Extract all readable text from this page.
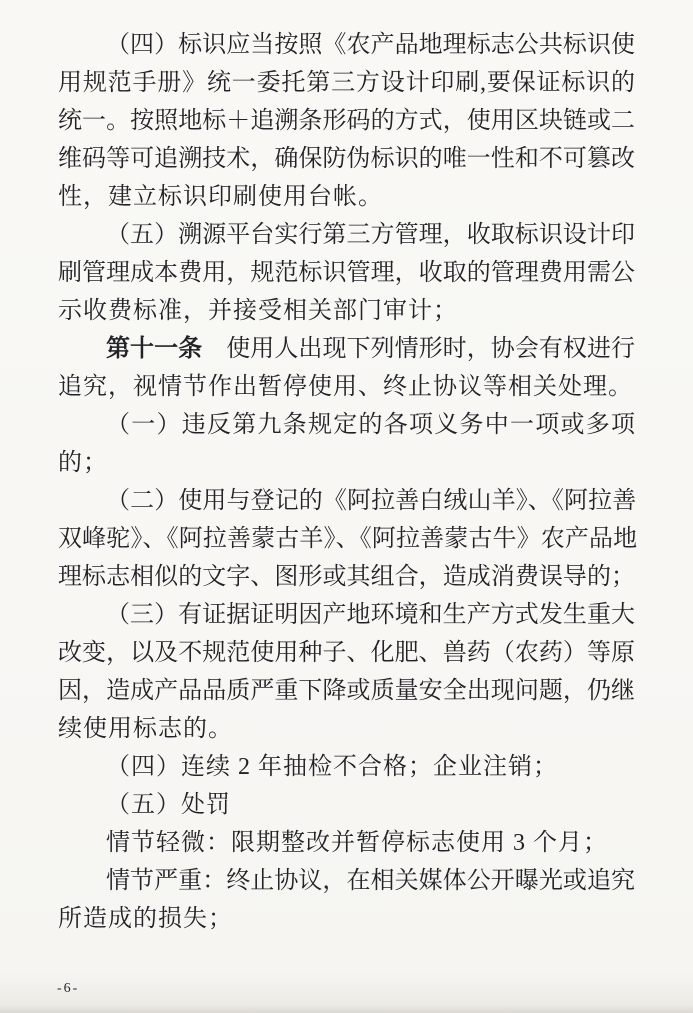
（四）标识应当按照《农产品地理标志公共标识使
用规范手册》统一委托第三方设计印刷,要保证标识的
统一。按照地标＋追溯条形码的方式，使用区块链或二
维码等可追溯技术，确保防伪标识的唯一性和不可篡改
性，建立标识印刷使用台帐。
（五）溯源平台实行第三方管理，收取标识设计印
刷管理成本费用，规范标识管理，收取的管理费用需公
示收费标准，并接受相关部门审计；
第十一条　使用人出现下列情形时，协会有权进行
追究，视情节作出暂停使用、终止协议等相关处理。
（一）违反第九条规定的各项义务中一项或多项
的；
（二）使用与登记的《阿拉善白绒山羊》、《阿拉善
双峰驼》、《阿拉善蒙古羊》、《阿拉善蒙古牛》农产品地
理标志相似的文字、图形或其组合，造成消费误导的；
（三）有证据证明因产地环境和生产方式发生重大
改变，以及不规范使用种子、化肥、兽药（农药）等原
因，造成产品品质严重下降或质量安全出现问题，仍继
续使用标志的。
（四）连续 2 年抽检不合格；企业注销；
（五）处罚
情节轻微：限期整改并暂停标志使用 3 个月；
情节严重：终止协议，在相关媒体公开曝光或追究
所造成的损失；
-6-
